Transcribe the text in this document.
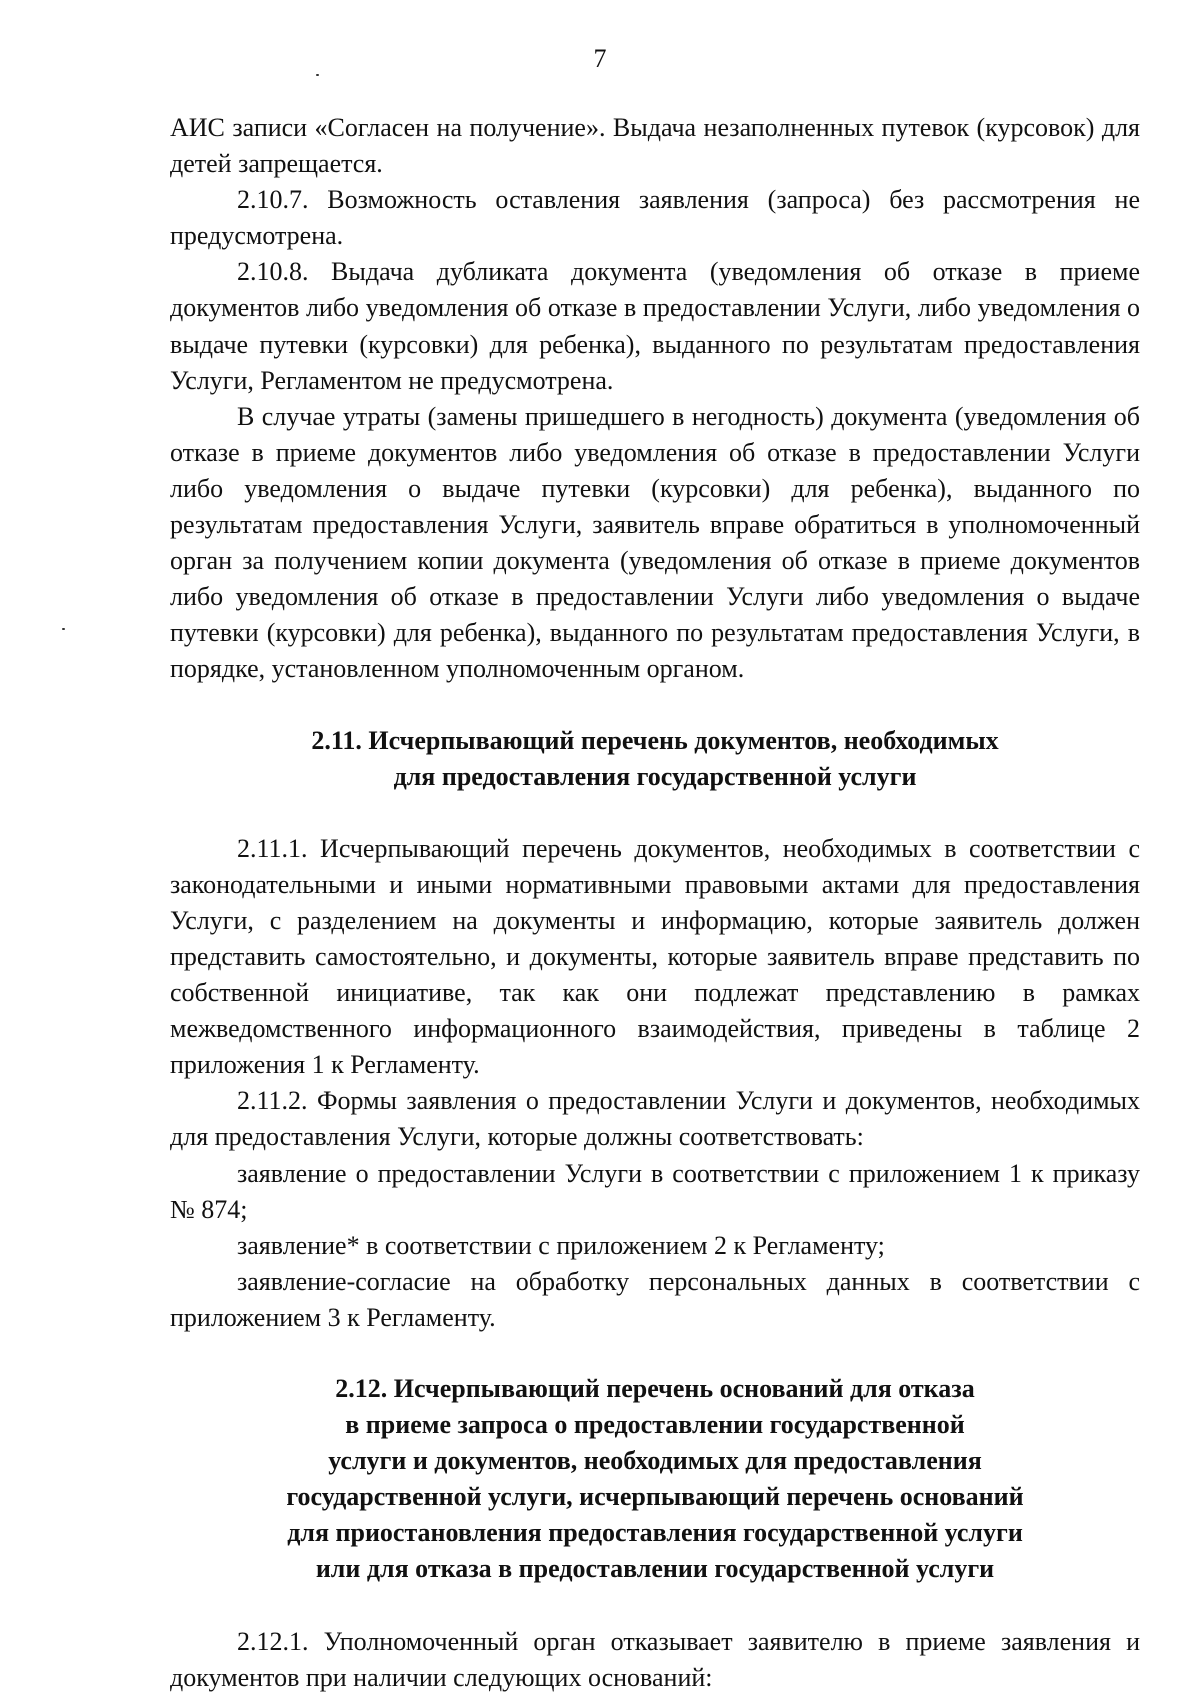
7

АИС записи «Согласен на получение». Выдача незаполненных путевок (курсовок) для детей запрещается.

2.10.7. Возможность оставления заявления (запроса) без рассмотрения не предусмотрена.

2.10.8. Выдача дубликата документа (уведомления об отказе в приеме документов либо уведомления об отказе в предоставлении Услуги, либо уведомления о выдаче путевки (курсовки) для ребенка), выданного по результатам предоставления Услуги, Регламентом не предусмотрена.

В случае утраты (замены пришедшего в негодность) документа (уведомления об отказе в приеме документов либо уведомления об отказе в предоставлении Услуги либо уведомления о выдаче путевки (курсовки) для ребенка), выданного по результатам предоставления Услуги, заявитель вправе обратиться в уполномоченный орган за получением копии документа (уведомления об отказе в приеме документов либо уведомления об отказе в предоставлении Услуги либо уведомления о выдаче путевки (курсовки) для ребенка), выданного по результатам предоставления Услуги, в порядке, установленном уполномоченным органом.

2.11. Исчерпывающий перечень документов, необходимых
для предоставления государственной услуги

2.11.1. Исчерпывающий перечень документов, необходимых в соответствии с законодательными и иными нормативными правовыми актами для предоставления Услуги, с разделением на документы и информацию, которые заявитель должен представить самостоятельно, и документы, которые заявитель вправе представить по собственной инициативе, так как они подлежат представлению в рамках межведомственного информационного взаимодействия, приведены в таблице 2 приложения 1 к Регламенту.

2.11.2. Формы заявления о предоставлении Услуги и документов, необходимых для предоставления Услуги, которые должны соответствовать:

заявление о предоставлении Услуги в соответствии с приложением 1 к приказу № 874;

заявление* в соответствии с приложением 2 к Регламенту;

заявление-согласие на обработку персональных данных в соответствии с приложением 3 к Регламенту.

2.12. Исчерпывающий перечень оснований для отказа
в приеме запроса о предоставлении государственной
услуги и документов, необходимых для предоставления
государственной услуги, исчерпывающий перечень оснований
для приостановления предоставления государственной услуги
или для отказа в предоставлении государственной услуги

2.12.1. Уполномоченный орган отказывает заявителю в приеме заявления и документов при наличии следующих оснований:
